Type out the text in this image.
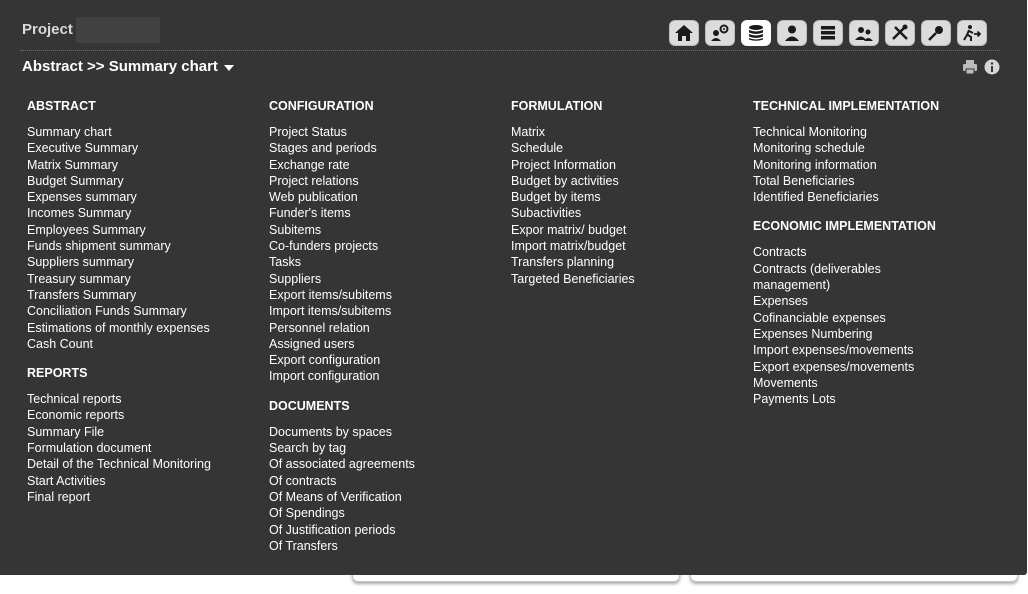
Project
Abstract >> Summary chart
ABSTRACT
Summary chart
Executive Summary
Matrix Summary
Budget Summary
Expenses summary
Incomes Summary
Employees Summary
Funds shipment summary
Suppliers summary
Treasury summary
Transfers Summary
Conciliation Funds Summary
Estimations of monthly expenses
Cash Count
REPORTS
Technical reports
Economic reports
Summary File
Formulation document
Detail of the Technical Monitoring
Start Activities
Final report
CONFIGURATION
Project Status
Stages and periods
Exchange rate
Project relations
Web publication
Funder's items
Subitems
Co-funders projects
Tasks
Suppliers
Export items/subitems
Import items/subitems
Personnel relation
Assigned users
Export configuration
Import configuration
DOCUMENTS
Documents by spaces
Search by tag
Of associated agreements
Of contracts
Of Means of Verification
Of Spendings
Of Justification periods
Of Transfers
FORMULATION
Matrix
Schedule
Project Information
Budget by activities
Budget by items
Subactivities
Expor matrix/ budget
Import matrix/budget
Transfers planning
Targeted Beneficiaries
TECHNICAL IMPLEMENTATION
Technical Monitoring
Monitoring schedule
Monitoring information
Total Beneficiaries
Identified Beneficiaries
ECONOMIC IMPLEMENTATION
Contracts
Contracts (deliverables management)
Expenses
Cofinanciable expenses
Expenses Numbering
Import expenses/movements
Export expenses/movements
Movements
Payments Lots
